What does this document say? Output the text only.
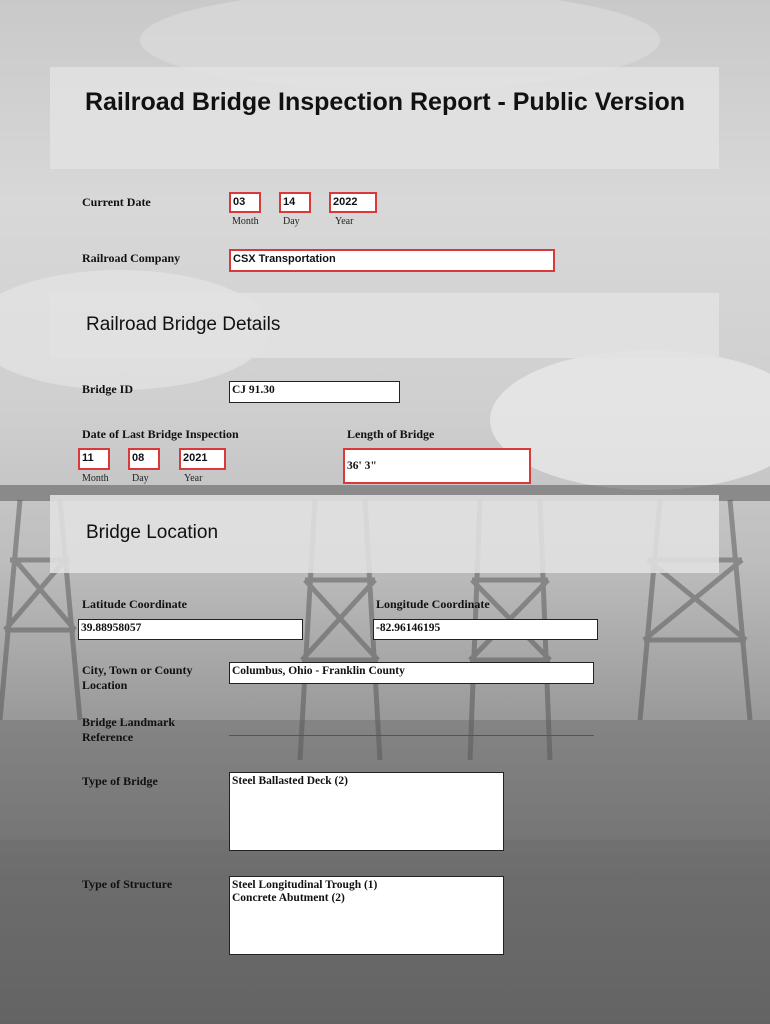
Railroad Bridge Inspection Report - Public Version
Current Date	03	14	2022
Month Day	Year
Railroad Company	CSX Transportation
Railroad Bridge Details
Bridge ID	CJ 91.30
Date of Last Bridge Inspection
11	08	2021
Month Day	Year
Length of Bridge
36' 3"
Bridge Location
Latitude Coordinate
39.88958057
Longitude Coordinate
-82.96146195
City, Town or County Location
Columbus, Ohio - Franklin County
Bridge Landmark Reference
Type of Bridge	Steel Ballasted Deck (2)
Type of Structure	Steel Longitudinal Trough (1)
Concrete Abutment (2)
